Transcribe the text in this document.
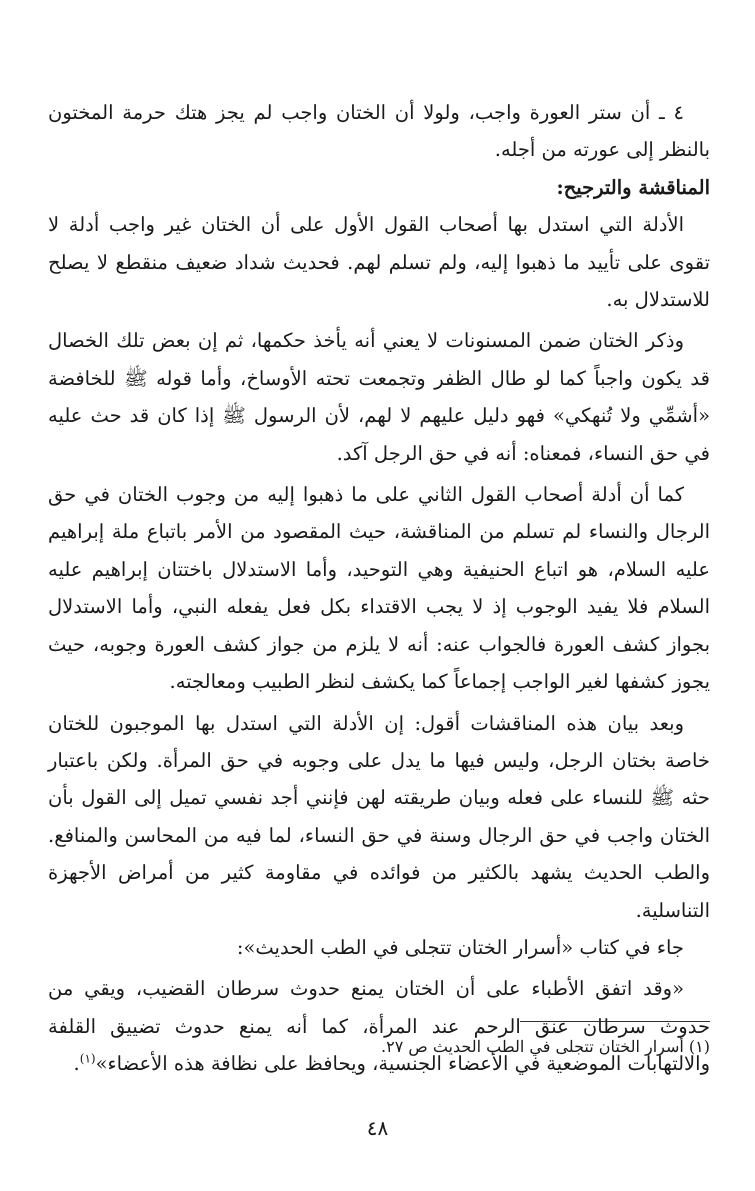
٤ ـ أن ستر العورة واجب، ولولا أن الختان واجب لم يجز هتك حرمة المختون بالنظر إلى عورته من أجله.

المناقشة والترجيح:

الأدلة التي استدل بها أصحاب القول الأول على أن الختان غير واجب أدلة لا تقوى على تأييد ما ذهبوا إليه، ولم تسلم لهم. فحديث شداد ضعيف منقطع لا يصلح للاستدلال به.

وذكر الختان ضمن المسنونات لا يعني أنه يأخذ حكمها، ثم إن بعض تلك الخصال قد يكون واجباً كما لو طال الظفر وتجمعت تحته الأوساخ، وأما قوله ﷺ للخافضة «أشمِّي ولا تُنهكي» فهو دليل عليهم لا لهم، لأن الرسول ﷺ إذا كان قد حث عليه في حق النساء، فمعناه: أنه في حق الرجل آكد.

كما أن أدلة أصحاب القول الثاني على ما ذهبوا إليه من وجوب الختان في حق الرجال والنساء لم تسلم من المناقشة، حيث المقصود من الأمر باتباع ملة إبراهيم عليه السلام، هو اتباع الحنيفية وهي التوحيد، وأما الاستدلال باختتان إبراهيم عليه السلام فلا يفيد الوجوب إذ لا يجب الاقتداء بكل فعل يفعله النبي، وأما الاستدلال بجواز كشف العورة فالجواب عنه: أنه لا يلزم من جواز كشف العورة وجوبه، حيث يجوز كشفها لغير الواجب إجماعاً كما يكشف لنظر الطبيب ومعالجته.

وبعد بيان هذه المناقشات أقول: إن الأدلة التي استدل بها الموجبون للختان خاصة بختان الرجل، وليس فيها ما يدل على وجوبه في حق المرأة. ولكن باعتبار حثه ﷺ للنساء على فعله وبيان طريقته لهن فإنني أجد نفسي تميل إلى القول بأن الختان واجب في حق الرجال وسنة في حق النساء، لما فيه من المحاسن والمنافع. والطب الحديث يشهد بالكثير من فوائده في مقاومة كثير من أمراض الأجهزة التناسلية.

جاء في كتاب «أسرار الختان تتجلى في الطب الحديث»:

«وقد اتفق الأطباء على أن الختان يمنع حدوث سرطان القضيب، ويقي من حدوث سرطان عنق الرحم عند المرأة، كما أنه يمنع حدوث تضييق القلفة والالتهابات الموضعية في الأعضاء الجنسية، ويحافظ على نظافة هذه الأعضاء»$^{(١)}$.

(١) أسرار الختان تتجلى في الطب الحديث ص ٢٧.

٤٨
